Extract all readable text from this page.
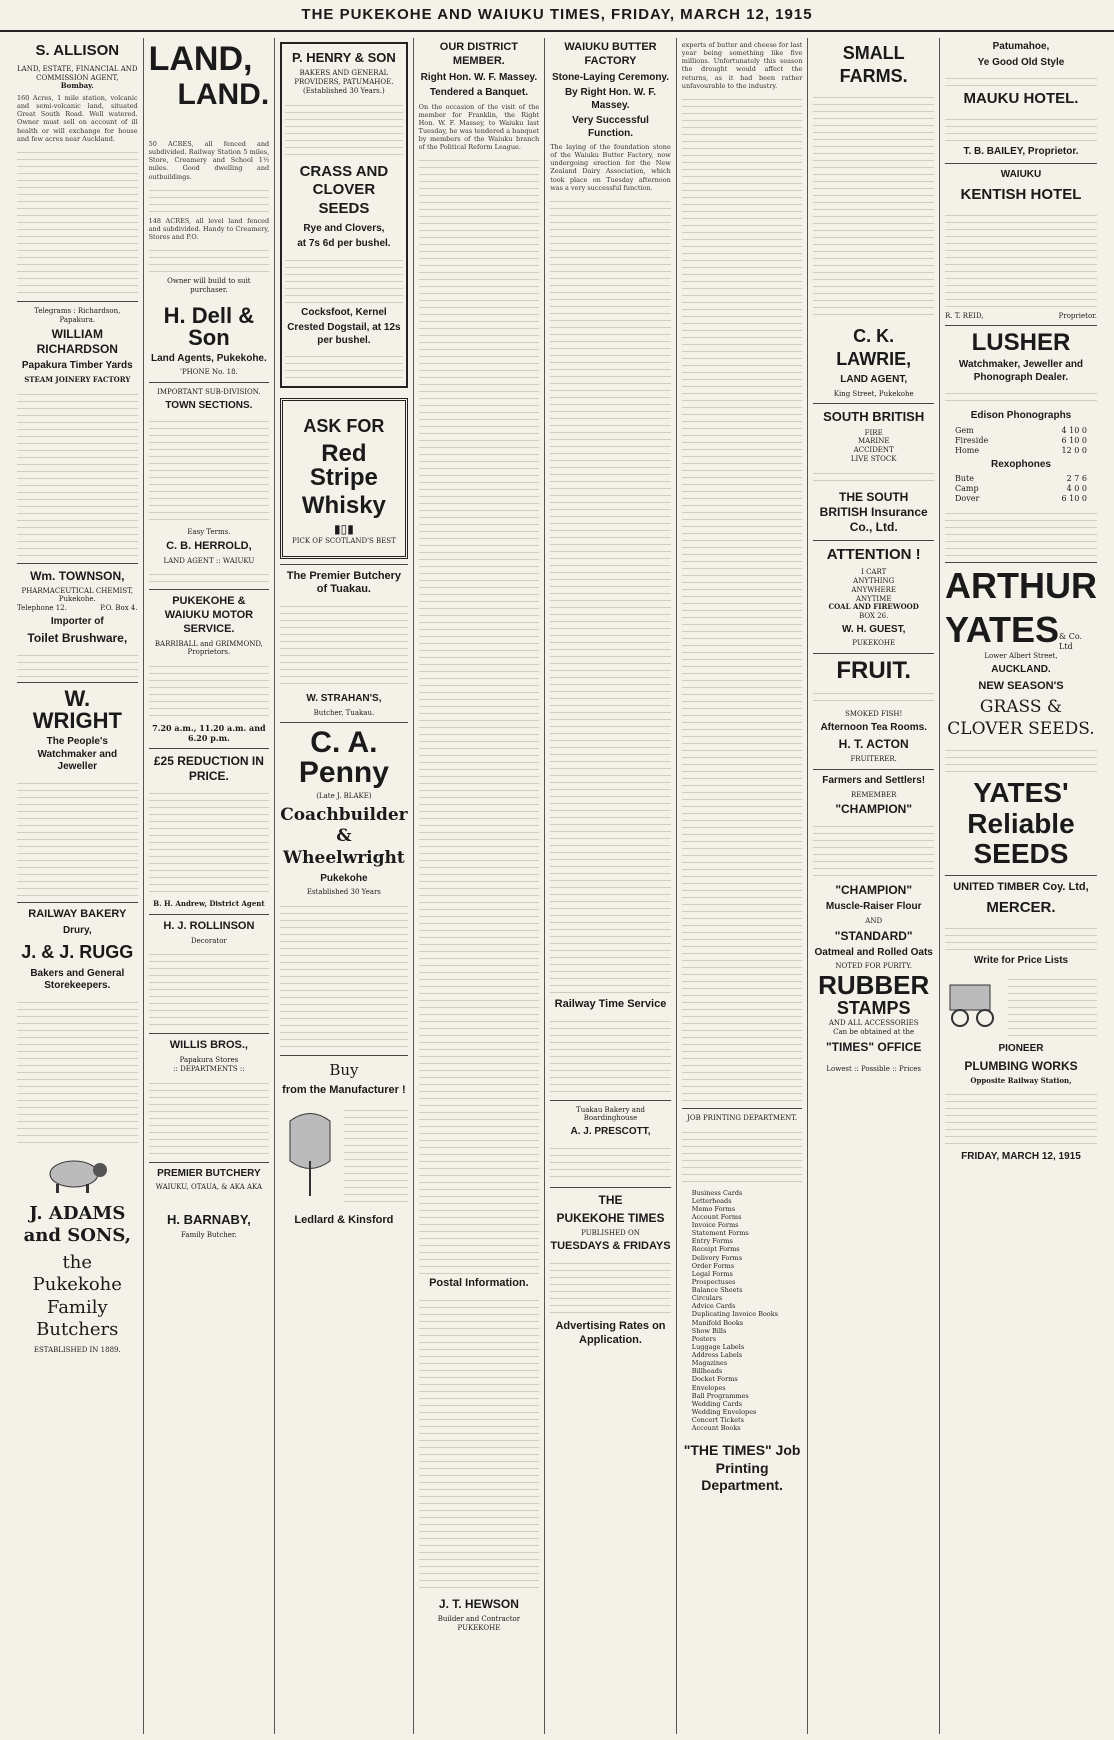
THE PUKEKOHE AND WAIUKU TIMES, FRIDAY, MARCH 12, 1915
S. ALLISON
LAND, ESTATE, FINANCIAL AND COMMISSION AGENT,
Bombay.
160 Acres, 1 mile station, volcanic and semi-volcanic land, situated Great South Road. Well watered. Owner must sell on account of ill health or will exchange for house and few acres near Auckland.
Telegrams : Richardson, Papakura.
WILLIAM RICHARDSON
Papakura Timber Yards
STEAM JOINERY FACTORY
Wm. TOWNSON,
PHARMACEUTICAL CHEMIST,
Pukekohe.
Telephone 12.	P.O. Box 4.
Importer of
Toilet Brushware,
W. WRIGHT
The People's Watchmaker and Jeweller
RAILWAY BAKERY
Drury,
J. & J. RUGG
Bakers and General Storekeepers.
J. ADAMS and SONS,
the Pukekohe Family Butchers
ESTABLISHED IN 1889.
LAND,
LAND.
50 ACRES, all fenced and subdivided. Railway Station 5 miles, Store, Creamery and School 1½ miles. Good dwelling and outbuildings.
148 ACRES, all level land fenced and subdivided. Handy to Creamery, Stores and P.O.
Owner will build to suit purchaser.
H. Dell & Son
Land Agents, Pukekohe.
'PHONE No. 18.
IMPORTANT SUB-DIVISION.
TOWN SECTIONS.
Easy Terms.
C. B. HERROLD,
LAND AGENT :: WAIUKU
PUKEKOHE & WAIUKU MOTOR SERVICE.
BARRIBALL and GRIMMOND, Proprietors.
7.20 a.m., 11.20 a.m. and 6.20 p.m.
£25 REDUCTION IN PRICE.
B. H. Andrew, District Agent
H. J. ROLLINSON
Decorator
WILLIS BROS.,
Papakura Stores
:: DEPARTMENTS ::
PREMIER BUTCHERY
WAIUKU, OTAUA, & AKA AKA
H. BARNABY,
Family Butcher.
P. HENRY & SON
BAKERS AND GENERAL PROVIDERS, PATUMAHOE.
(Established 30 Years.)
CRASS AND CLOVER SEEDS
Rye and Clovers,
at 7s 6d per bushel.
Cocksfoot, Kernel
Crested Dogstail, at 12s per bushel.
ASK FOR
Red Stripe
Whisky
▮▯▮
PICK OF SCOTLAND'S BEST
The Premier Butchery of Tuakau.
W. STRAHAN'S,
Butcher, Tuakau.
C. A. Penny
(Late J. BLAKE)
Coachbuilder & Wheelwright
Pukekohe
Established 30 Years
Buy
from the Manufacturer !
Ledlard & Kinsford
OUR DISTRICT MEMBER.
Right Hon. W. F. Massey.
Tendered a Banquet.
On the occasion of the visit of the member for Franklin, the Right Hon. W. F. Massey, to Waiuku last Tuesday, he was tendered a banquet by members of the Waiuku branch of the Political Reform League.
Postal Information.
J. T. HEWSON
Builder and Contractor
PUKEKOHE
WAIUKU BUTTER FACTORY
Stone-Laying Ceremony.
By Right Hon. W. F. Massey.
Very Successful Function.
The laying of the foundation stone of the Waiuku Butter Factory, now undergoing erection for the New Zealand Dairy Association, which took place on Tuesday afternoon was a very successful function.
Railway Time Service
Tuakau Bakery and Boardinghouse
A. J. PRESCOTT,
THE
PUKEKOHE TIMES
PUBLISHED ON
TUESDAYS & FRIDAYS
Advertising Rates on Application.
experts of butter and cheese for last year being something like five millions. Unfortunately this season the drought would affect the returns, as it had been rather unfavourable to the industry.
JOB PRINTING DEPARTMENT.
Business Cards
Letterheads
Memo Forms
Account Forms
Invoice Forms
Statement Forms
Entry Forms
Receipt Forms
Delivery Forms
Order Forms
Legal Forms
Prospectuses
Balance Sheets
Circulars
Advice Cards
Duplicating Invoice Books
Manifold Books
Show Bills
Posters
Luggage Labels
Address Labels
Magazines
Billheads
Docket Forms
Envelopes
Ball Programmes
Wedding Cards
Wedding Envelopes
Concert Tickets
Account Books
"THE TIMES" Job Printing Department.
SMALL FARMS.
C. K. LAWRIE,
LAND AGENT,
King Street, Pukekohe
SOUTH BRITISH
FIRE
MARINE
ACCIDENT
LIVE STOCK
THE SOUTH BRITISH Insurance Co., Ltd.
ATTENTION !
I CART
ANYTHING
ANYWHERE
ANYTIME
COAL AND FIREWOOD
BOX 26.
W. H. GUEST,
PUKEKOHE
FRUIT.
SMOKED FISH!
Afternoon Tea Rooms.
H. T. ACTON
FRUITERER.
Farmers and Settlers!
REMEMBER
"CHAMPION"
"CHAMPION"
Muscle-Raiser Flour
AND
"STANDARD"
Oatmeal and Rolled Oats
NOTED FOR PURITY.
RUBBER
STAMPS
AND ALL ACCESSORIES
Can be obtained at the
"TIMES" OFFICE
Lowest :: Possible :: Prices
Patumahoe,
Ye Good Old Style
MAUKU HOTEL.
T. B. BAILEY, Proprietor.
WAIUKU
KENTISH HOTEL
R. T. REID,	Proprietor.
LUSHER
Watchmaker, Jeweller and Phonograph Dealer.
Edison Phonographs
Gem	4 10 0
Fireside	6 10 0
Home	12 0 0
Rexophones
Bute	2 7 6
Camp	4 0 0
Dover	6 10 0
ARTHUR
YATES & Co. Ltd
Lower Albert Street,
AUCKLAND.
NEW SEASON'S
GRASS & CLOVER SEEDS.
YATES' Reliable SEEDS
UNITED TIMBER Coy. Ltd,
MERCER.
Write for Price Lists
PIONEER
PLUMBING WORKS
Opposite Railway Station,
FRIDAY, MARCH 12, 1915
